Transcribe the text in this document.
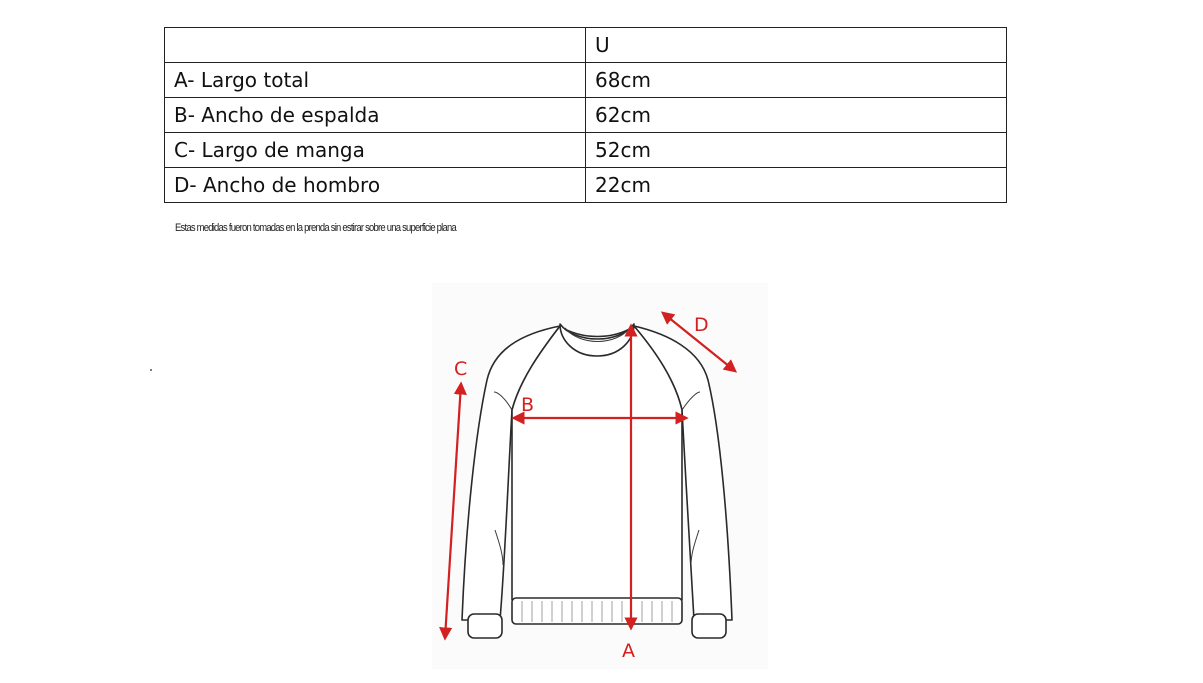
	U
A- Largo total	68cm
B- Ancho de espalda	62cm
C- Largo de manga	52cm
D- Ancho de hombro	22cm
Estas medidas fueron tomadas en la prenda sin estirar sobre una superficie plana
A
B
C
D
